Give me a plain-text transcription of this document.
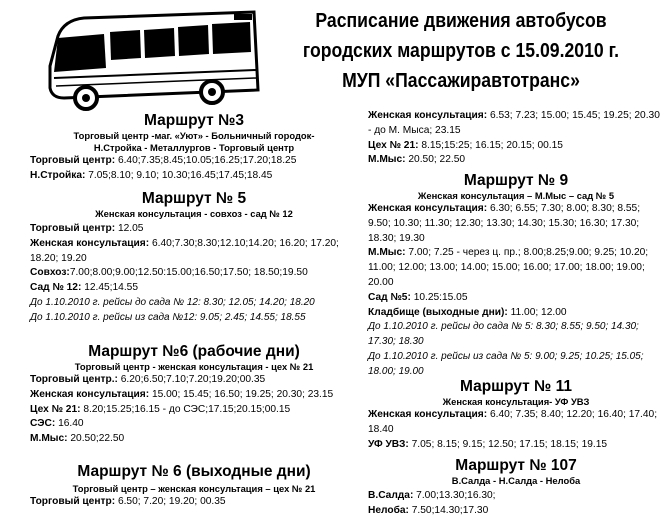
Расписание движения автобусов
городских маршрутов с 15.09.2010 г.
МУП «Пассажиравтотранс»
Маршрут №3
Торговый центр -маг. «Уют» - Больничный городок-
Н.Стройка - Металлургов - Торговый центр
Торговый центр: 6.40;7.35;8.45;10.05;16.25;17.20;18.25
Н.Стройка: 7.05;8.10; 9.10; 10.30;16.45;17.45;18.45
Маршрут № 5
Женская консультация - совхоз - сад № 12
Торговый центр: 12.05
Женская консультация: 6.40;7.30;8.30;12.10;14.20; 16.20; 17.20; 18.20; 19.20
Совхоз:7.00;8.00;9.00;12.50:15.00;16.50;17.50; 18.50;19.50
Сад № 12: 12.45;14.55
До 1.10.2010 г. рейсы до сада № 12: 8.30; 12.05; 14.20; 18.20
До 1.10.2010 г. рейсы из сада №12: 9.05; 2.45; 14.55; 18.55
Маршрут №6 (рабочие дни)
Торговый центр - женская консультация - цех № 21
Торговый центр.: 6.20;6.50;7.10;7.20;19.20;00.35
Женская консультация: 15.00; 15.45; 16.50; 19.25; 20.30; 23.15
Цех № 21: 8.20;15.25;16.15 - до СЭС;17.15;20.15;00.15
СЭС: 16.40
М.Мыс: 20.50;22.50
Маршрут № 6 (выходные дни)
Торговый центр – женская консультация – цех № 21
Торговый центр: 6.50; 7.20; 19.20; 00.35
Женская консультация: 6.53; 7.23; 15.00; 15.45; 19.25; 20.30 - до М. Мыса; 23.15
Цех № 21: 8.15;15:25; 16.15; 20.15; 00.15
М.Мыс: 20.50; 22.50
Маршрут № 9
Женская консультация – М.Мыс – сад № 5
Женская консультация: 6.30; 6.55; 7.30; 8.00; 8.30; 8.55; 9.50; 10.30; 11.30; 12.30; 13.30; 14.30; 15.30; 16.30; 17.30; 18.30; 19.30
М.Мыс: 7.00; 7.25 - через ц. пр.; 8.00;8.25;9.00; 9.25; 10.20; 11.00; 12.00; 13.00; 14.00; 15.00; 16.00; 17.00; 18.00; 19.00; 20.00
Сад №5: 10.25:15.05
Кладбище (выходные дни): 11.00; 12.00
До 1.10.2010 г. рейсы до сада № 5: 8.30; 8.55; 9.50; 14.30; 17.30; 18.30
До 1.10.2010 г. рейсы из сада № 5: 9.00; 9.25; 10.25; 15.05; 18.00; 19.00
Маршрут № 11
Женская консультация- УФ УВЗ
Женская консультация: 6.40; 7.35; 8.40; 12.20; 16.40; 17.40; 18.40
УФ УВЗ: 7.05; 8.15; 9.15; 12.50; 17.15; 18.15; 19.15
Маршрут № 107
В.Салда - Н.Салда - Нелоба
В.Салда: 7.00;13.30;16.30;
Нелоба: 7.50;14.30;17.30
